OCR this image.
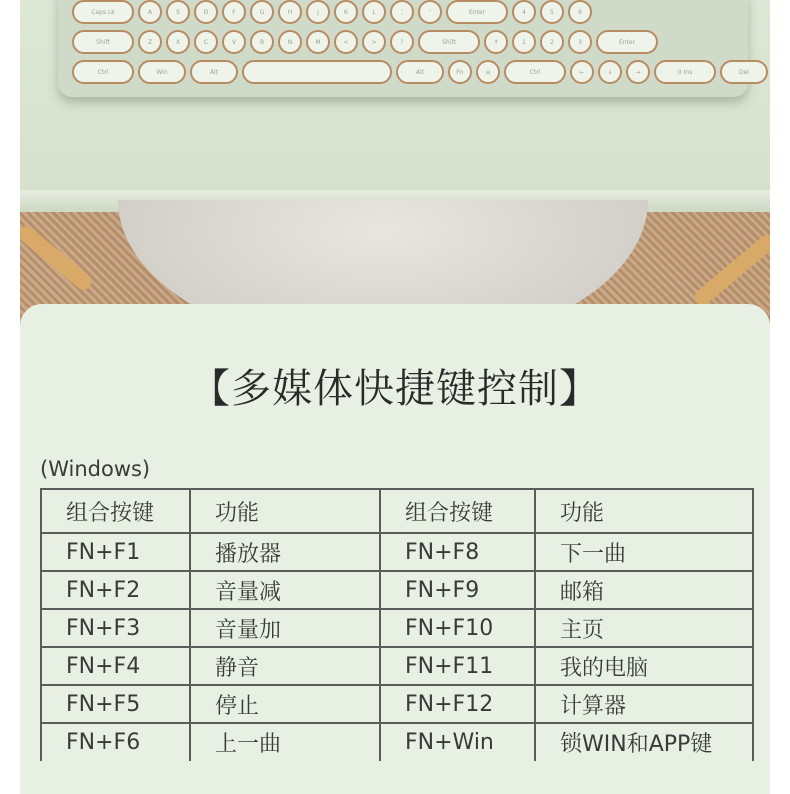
Caps Lk	A	S	D	F	G	H	J	K	L	;	'	Enter	4	5	6
Shift	Z	X	C	V	B	N	M	<	>	?	Shift	↑	1	2	3	Enter
Ctrl	Win	Alt	Alt	Fn	≡	Ctrl	←	↓	→	0 Ins	Del
【多媒体快捷键控制】
(Windows)
组合按键	功能	组合按键	功能
FN+F1	播放器	FN+F8	下一曲
FN+F2	音量减	FN+F9	邮箱
FN+F3	音量加	FN+F10	主页
FN+F4	静音	FN+F11	我的电脑
FN+F5	停止	FN+F12	计算器
FN+F6	上一曲	FN+Win	锁WIN和APP键
